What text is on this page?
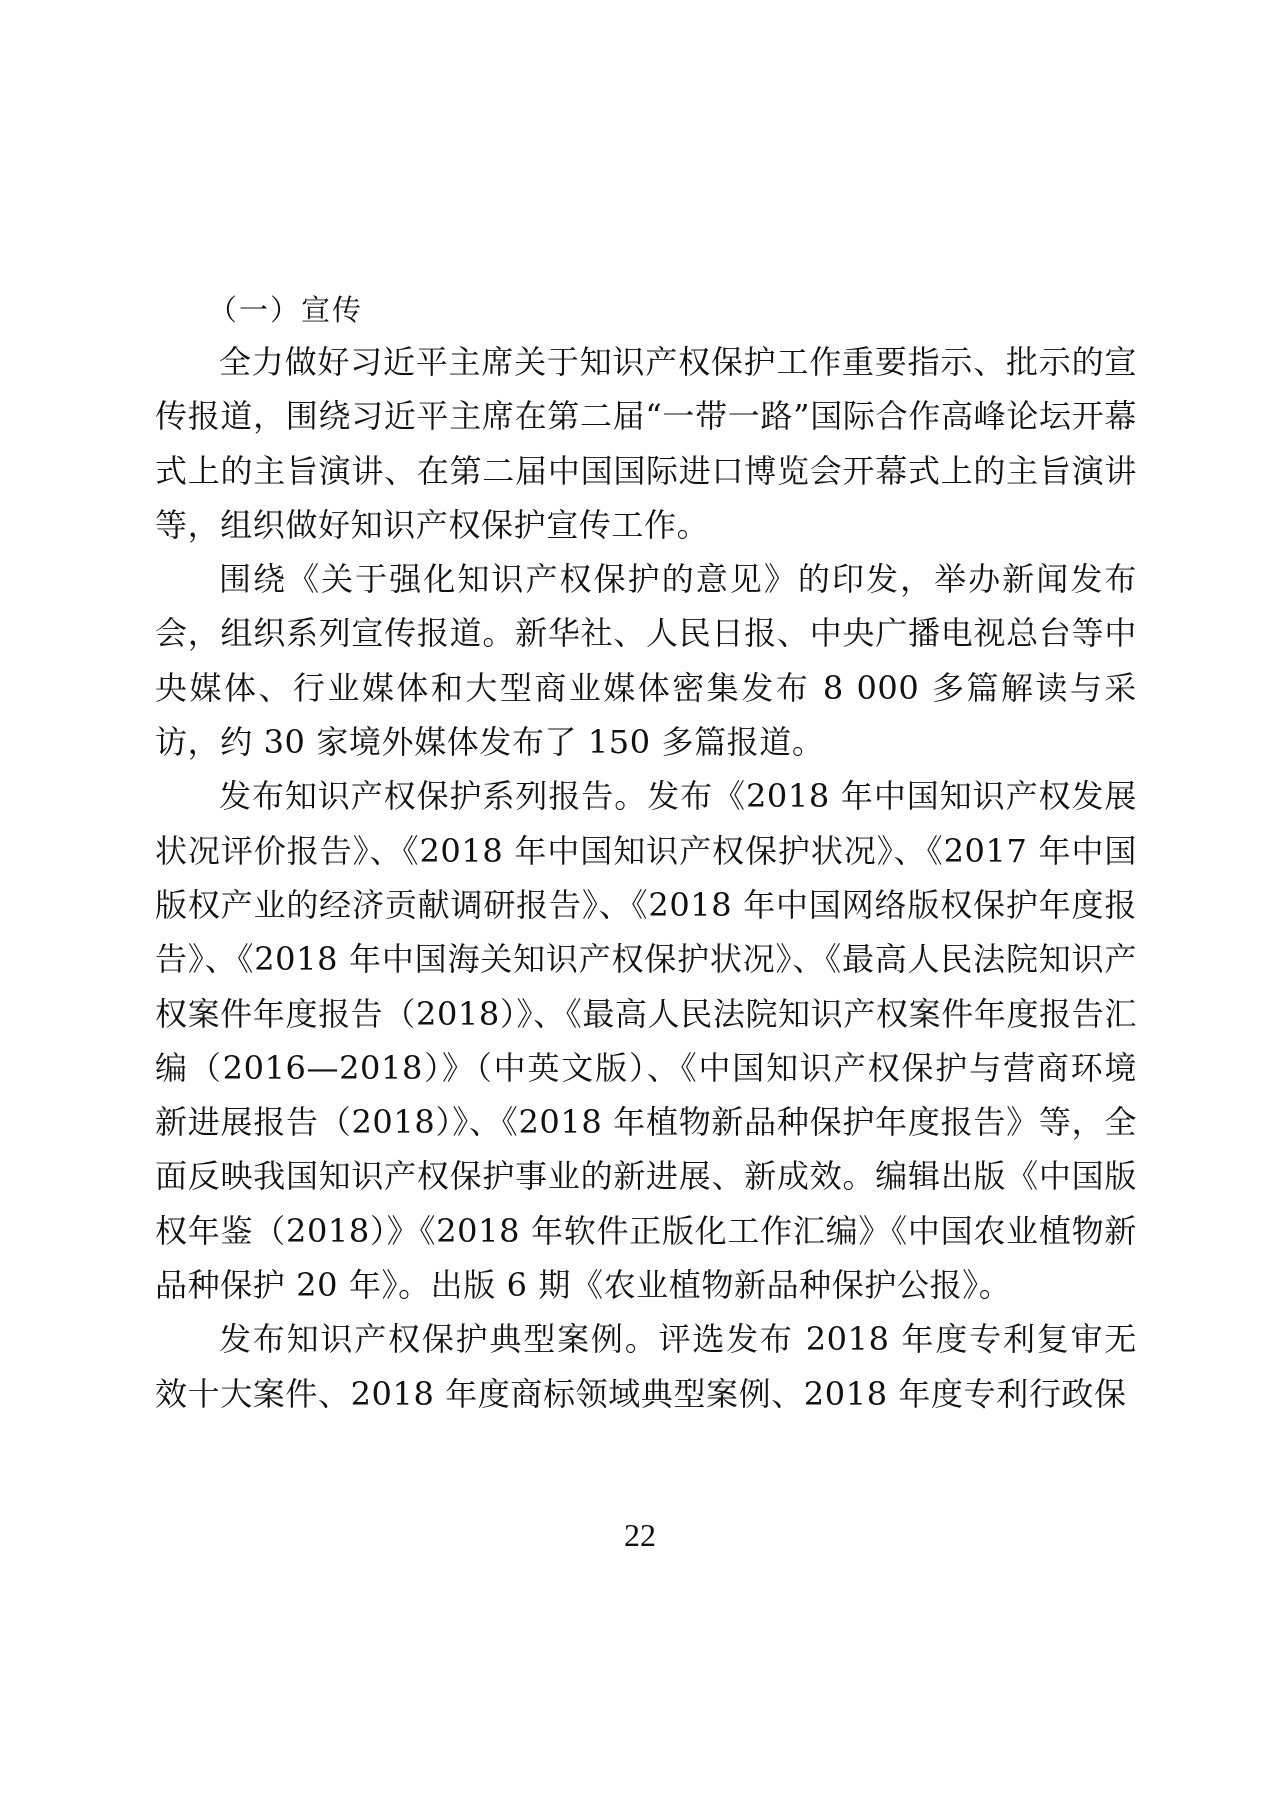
（一）宣传

全力做好习近平主席关于知识产权保护工作重要指示、批示的宣传报道，围绕习近平主席在第二届“一带一路”国际合作高峰论坛开幕式上的主旨演讲、在第二届中国国际进口博览会开幕式上的主旨演讲等，组织做好知识产权保护宣传工作。

围绕《关于强化知识产权保护的意见》的印发，举办新闻发布会，组织系列宣传报道。新华社、人民日报、中央广播电视总台等中央媒体、行业媒体和大型商业媒体密集发布 8 000 多篇解读与采访，约 30 家境外媒体发布了 150 多篇报道。

发布知识产权保护系列报告。发布《2018 年中国知识产权发展状况评价报告》、《2018 年中国知识产权保护状况》、《2017 年中国版权产业的经济贡献调研报告》、《2018 年中国网络版权保护年度报告》、《2018 年中国海关知识产权保护状况》、《最高人民法院知识产权案件年度报告（2018）》、《最高人民法院知识产权案件年度报告汇编（2016—2018）》（中英文版）、《中国知识产权保护与营商环境新进展报告（2018）》、《2018 年植物新品种保护年度报告》等，全面反映我国知识产权保护事业的新进展、新成效。编辑出版《中国版权年鉴（2018）》《2018 年软件正版化工作汇编》《中国农业植物新品种保护 20 年》。出版 6 期《农业植物新品种保护公报》。

发布知识产权保护典型案例。评选发布 2018 年度专利复审无效十大案件、2018 年度商标领域典型案例、2018 年度专利行政保

22
